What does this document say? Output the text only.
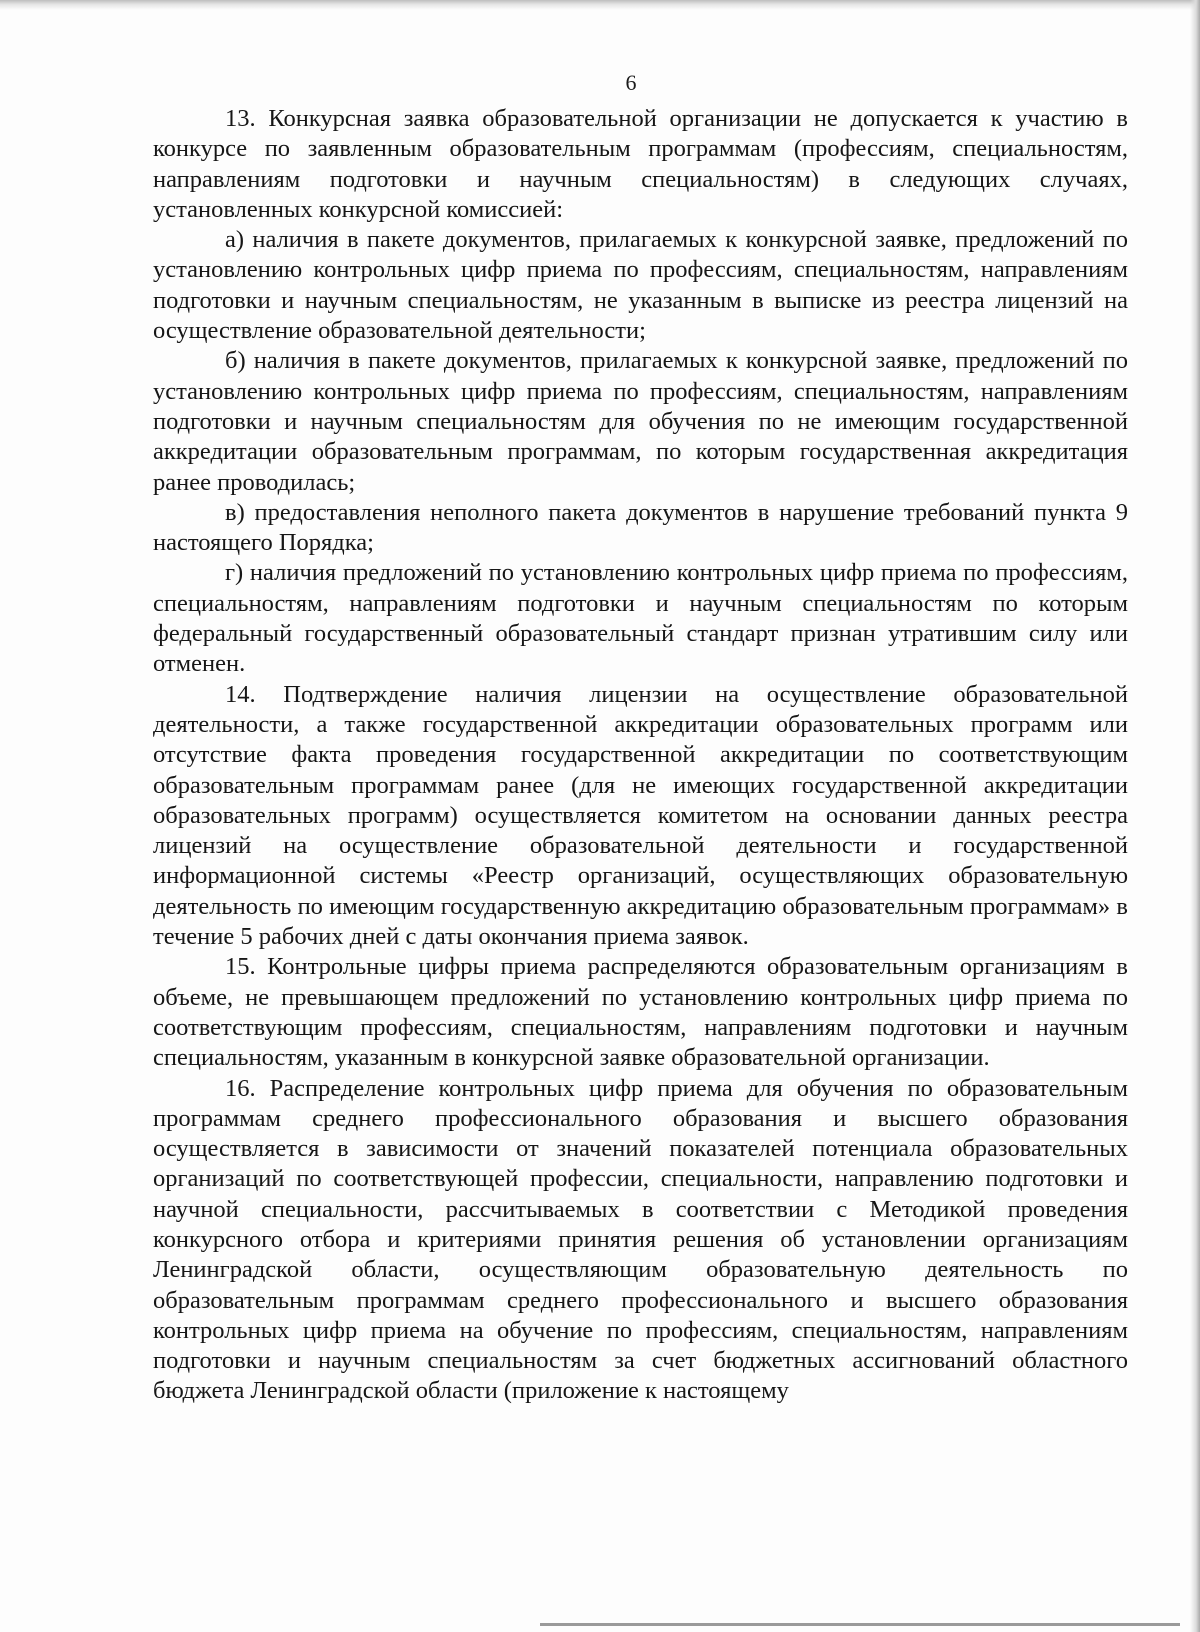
6

13. Конкурсная заявка образовательной организации не допускается к участию в конкурсе по заявленным образовательным программам (профессиям, специальностям, направлениям подготовки и научным специальностям) в следующих случаях, установленных конкурсной комиссией:

а) наличия в пакете документов, прилагаемых к конкурсной заявке, предложений по установлению контрольных цифр приема по профессиям, специальностям, направлениям подготовки и научным специальностям, не указанным в выписке из реестра лицензий на осуществление образовательной деятельности;

б) наличия в пакете документов, прилагаемых к конкурсной заявке, предложений по установлению контрольных цифр приема по профессиям, специальностям, направлениям подготовки и научным специальностям для обучения по не имеющим государственной аккредитации образовательным программам, по которым государственная аккредитация ранее проводилась;

в) предоставления неполного пакета документов в нарушение требований пункта 9 настоящего Порядка;

г) наличия предложений по установлению контрольных цифр приема по профессиям, специальностям, направлениям подготовки и научным специальностям по которым федеральный государственный образовательный стандарт признан утратившим силу или отменен.

14. Подтверждение наличия лицензии на осуществление образовательной деятельности, а также государственной аккредитации образовательных программ или отсутствие факта проведения государственной аккредитации по соответствующим образовательным программам ранее (для не имеющих государственной аккредитации образовательных программ) осуществляется комитетом на основании данных реестра лицензий на осуществление образовательной деятельности и государственной информационной системы «Реестр организаций, осуществляющих образовательную деятельность по имеющим государственную аккредитацию образовательным программам» в течение 5 рабочих дней с даты окончания приема заявок.

15. Контрольные цифры приема распределяются образовательным организациям в объеме, не превышающем предложений по установлению контрольных цифр приема по соответствующим профессиям, специальностям, направлениям подготовки и научным специальностям, указанным в конкурсной заявке образовательной организации.

16. Распределение контрольных цифр приема для обучения по образовательным программам среднего профессионального образования и высшего образования осуществляется в зависимости от значений показателей потенциала образовательных организаций по соответствующей профессии, специальности, направлению подготовки и научной специальности, рассчитываемых в соответствии с Методикой проведения конкурсного отбора и критериями принятия решения об установлении организациям Ленинградской области, осуществляющим образовательную деятельность по образовательным программам среднего профессионального и высшего образования контрольных цифр приема на обучение по профессиям, специальностям, направлениям подготовки и научным специальностям за счет бюджетных ассигнований областного бюджета Ленинградской области (приложение к настоящему
